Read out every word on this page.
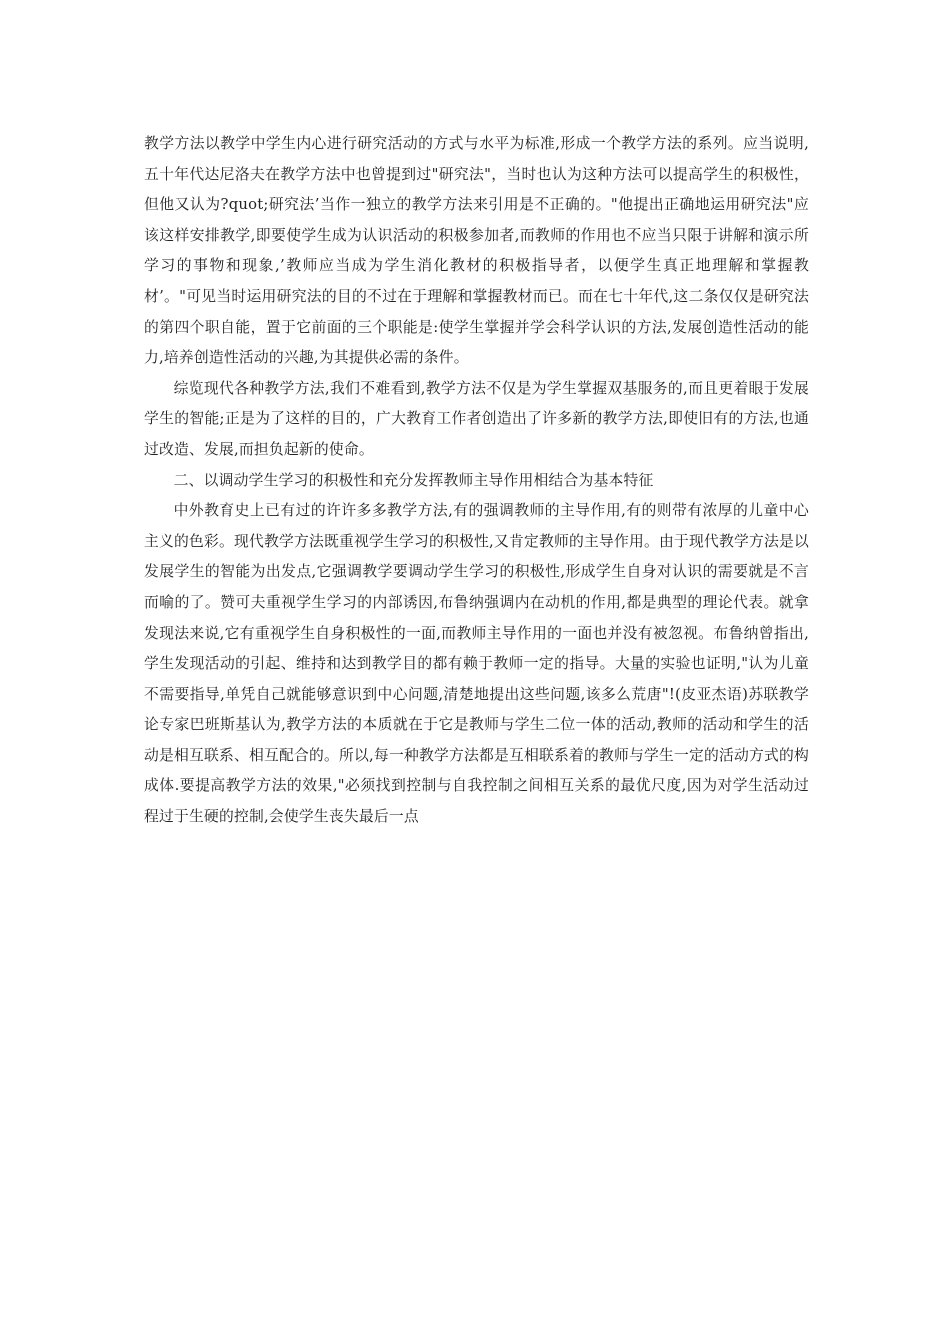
教学方法以教学中学生内心进行研究活动的方式与水平为标准,形成一个教学方法的系列。应当说明,五十年代达尼洛夫在教学方法中也曾提到过"研究法"，当时也认为这种方法可以提高学生的积极性，但他又认为?quot;研究法’当作一独立的教学方法来引用是不正确的。"他提出正确地运用研究法"应该这样安排教学,即要使学生成为认识活动的积极参加者,而教师的作用也不应当只限于讲解和演示所学习的事物和现象,’教师应当成为学生消化教材的积极指导者，以便学生真正地理解和掌握教材’。"可见当时运用研究法的目的不过在于理解和掌握教材而已。而在七十年代,这二条仅仅是研究法的第四个职自能，置于它前面的三个职能是:使学生掌握并学会科学认识的方法,发展创造性活动的能力,培养创造性活动的兴趣,为其提供必需的条件。

综览现代各种教学方法,我们不难看到,教学方法不仅是为学生掌握双基服务的,而且更着眼于发展学生的智能;正是为了这样的目的，广大教育工作者创造出了许多新的教学方法,即使旧有的方法,也通过改造、发展,而担负起新的使命。

二、以调动学生学习的积极性和充分发挥教师主导作用相结合为基本特征

中外教育史上已有过的许许多多教学方法,有的强调教师的主导作用,有的则带有浓厚的儿童中心主义的色彩。现代教学方法既重视学生学习的积极性,又肯定教师的主导作用。由于现代教学方法是以发展学生的智能为出发点,它强调教学要调动学生学习的积极性,形成学生自身对认识的需要就是不言而喻的了。赞可夫重视学生学习的内部诱因,布鲁纳强调内在动机的作用,都是典型的理论代表。就拿发现法来说,它有重视学生自身积极性的一面,而教师主导作用的一面也并没有被忽视。布鲁纳曾指出,学生发现活动的引起、维持和达到教学目的都有赖于教师一定的指导。大量的实验也证明,"认为儿童不需要指导,单凭自己就能够意识到中心问题,清楚地提出这些问题,该多么荒唐"!(皮亚杰语)苏联教学论专家巴班斯基认为,教学方法的本质就在于它是教师与学生二位一体的活动,教师的活动和学生的活动是相互联系、相互配合的。所以,每一种教学方法都是互相联系着的教师与学生一定的活动方式的构成体.要提高教学方法的效果,"必须找到控制与自我控制之间相互关系的最优尺度,因为对学生活动过程过于生硬的控制,会使学生丧失最后一点
